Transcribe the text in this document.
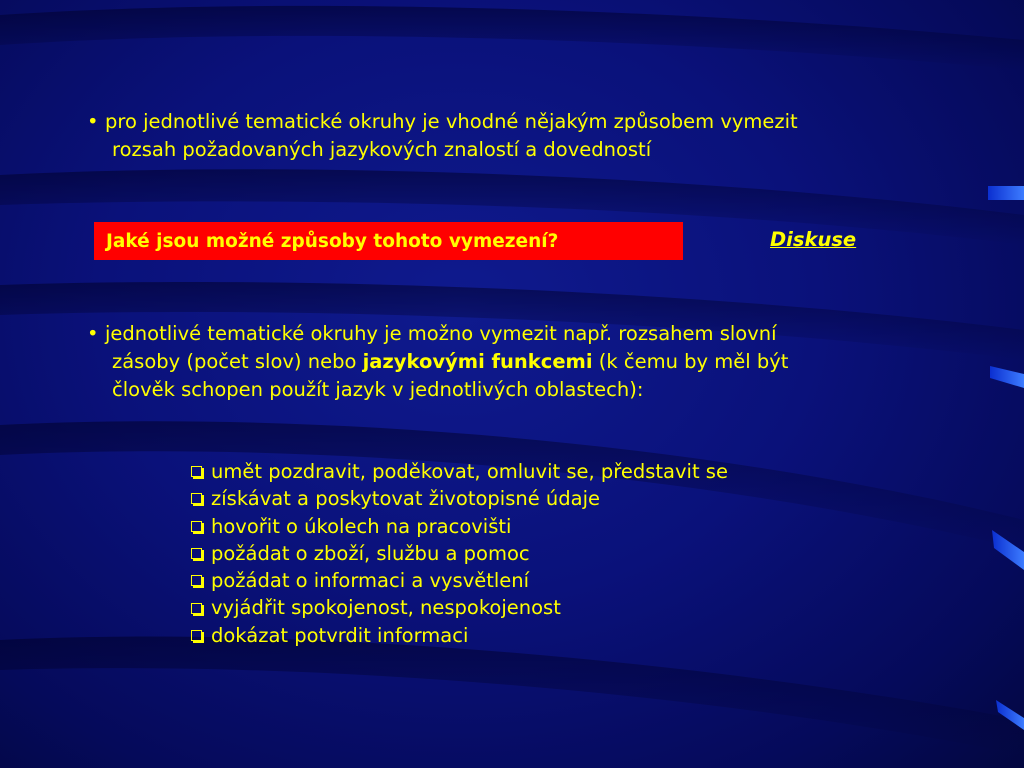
• pro jednotlivé tematické okruhy je vhodné nějakým způsobem vymezit
rozsah požadovaných jazykových znalostí a dovedností

Jaké jsou možné způsoby tohoto vymezení?	Diskuse

• jednotlivé tematické okruhy je možno vymezit např. rozsahem slovní
zásoby (počet slov) nebo jazykovými funkcemi (k čemu by měl být
člověk schopen použít jazyk v jednotlivých oblastech):

umět pozdravit, poděkovat, omluvit se, představit se
získávat a poskytovat životopisné údaje
hovořit o úkolech na pracovišti
požádat o zboží, službu a pomoc
požádat o informaci a vysvětlení
vyjádřit spokojenost, nespokojenost
dokázat potvrdit informaci
